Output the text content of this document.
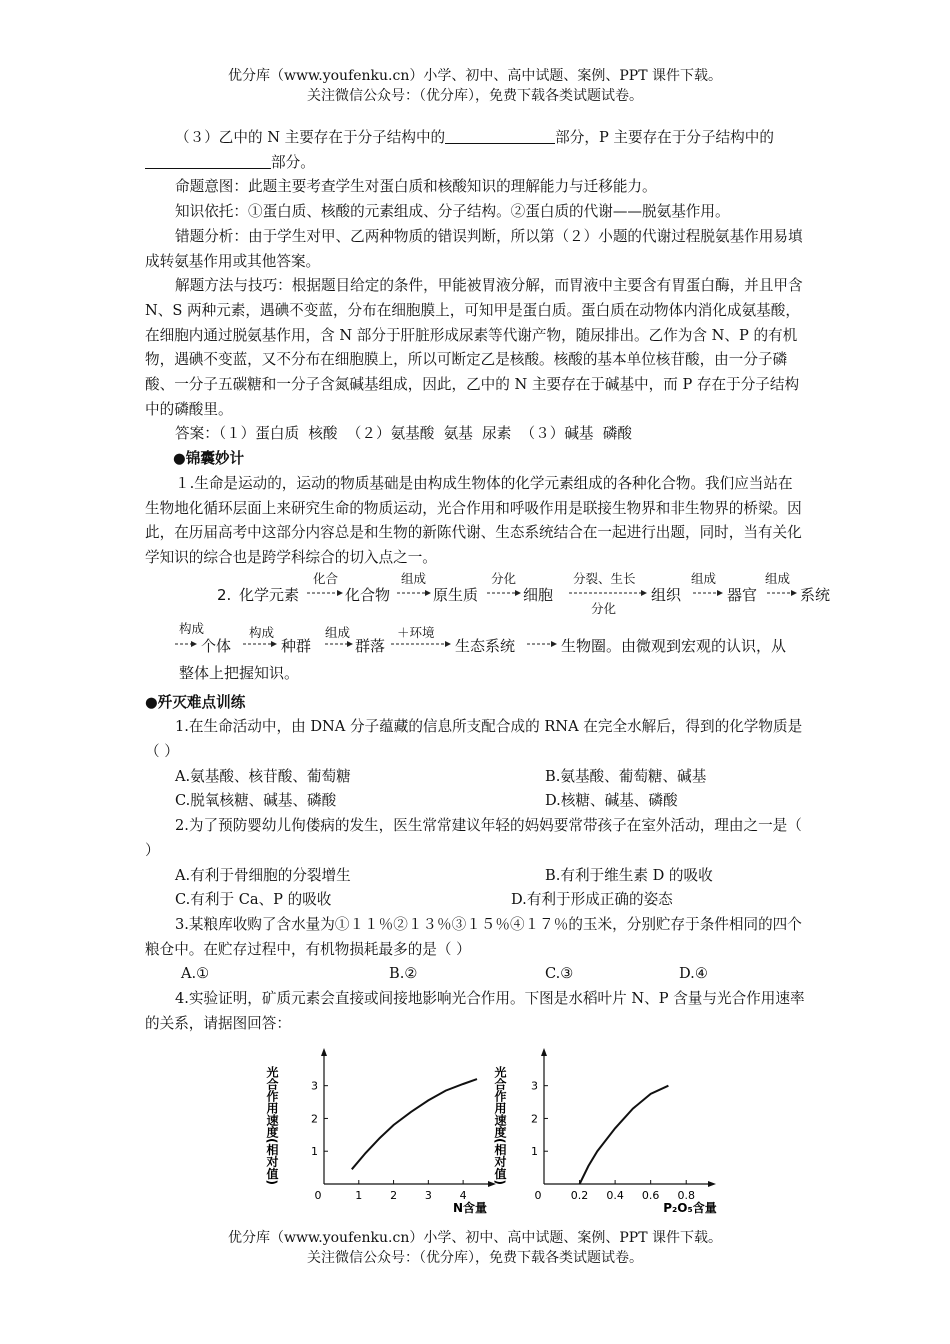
优分库（www.youfenku.cn）小学、初中、高中试题、案例、PPT 课件下载。
关注微信公众号：（优分库），免费下载各类试题试卷。

（３）乙中的 N 主要存在于分子结构中的	部分，P 主要存在于分子结构中的部分。

命题意图：此题主要考查学生对蛋白质和核酸知识的理解能力与迁移能力。

知识依托：①蛋白质、核酸的元素组成、分子结构。②蛋白质的代谢——脱氨基作用。

错题分析：由于学生对甲、乙两种物质的错误判断，所以第（２）小题的代谢过程脱氨基作用易填成转氨基作用或其他答案。

解题方法与技巧：根据题目给定的条件，甲能被胃液分解，而胃液中主要含有胃蛋白酶，并且甲含 N、S 两种元素，遇碘不变蓝，分布在细胞膜上，可知甲是蛋白质。蛋白质在动物体内消化成氨基酸，在细胞内通过脱氨基作用，含 N 部分于肝脏形成尿素等代谢产物，随尿排出。乙作为含 N、P 的有机物，遇碘不变蓝，又不分布在细胞膜上，所以可断定乙是核酸。核酸的基本单位核苷酸，由一分子磷酸、一分子五碳糖和一分子含氮碱基组成，因此，乙中的 N 主要存在于碱基中，而 P 存在于分子结构中的磷酸里。

答案：（１）蛋白质  核酸  （２）氨基酸  氨基  尿素  （３）碱基  磷酸

●锦囊妙计

１.生命是运动的，运动的物质基础是由构成生物体的化学元素组成的各种化合物。我们应当站在生物地化循环层面上来研究生命的物质运动，光合作用和呼吸作用是联接生物界和非生物界的桥梁。因此，在历届高考中这部分内容总是和生物的新陈代谢、生态系统结合在一起进行出题，同时，当有关化学知识的综合也是跨学科综合的切入点之一。

2. 化学元素
化合
化合物
组成
原生质
分化
细胞
分裂、生长
分化
组织
组成
器官
组成
系统
构成
个体
构成
种群
组成
群落
＋环境
生态系统	生物圈。由微观到宏观的认识，从
整体上把握知识。

●歼灭难点训练

1.在生命活动中，由 DNA 分子蕴藏的信息所支配合成的 RNA 在完全水解后，得到的化学物质是（ ）

A.氨基酸、核苷酸、葡萄糖	B.氨基酸、葡萄糖、碱基
C.脱氧核糖、碱基、磷酸	D.核糖、碱基、磷酸

2.为了预防婴幼儿佝偻病的发生，医生常常建议年轻的妈妈要常带孩子在室外活动，理由之一是（ ）

A.有利于骨细胞的分裂增生	B.有利于维生素 D 的吸收
C.有利于 Ca、P 的吸收	D.有利于形成正确的姿态

3.某粮库收购了含水量为①１１％②１３％③１５％④１７％的玉米，分别贮存于条件相同的四个粮仓中。在贮存过程中，有机物损耗最多的是（ ）

A.①	B.②	C.③	D.④

4.实验证明，矿质元素会直接或间接地影响光合作用。下图是水稻叶片 N、P 含量与光合作用速率的关系，请据图回答：

0	1	2	3	4
1
2
3
N含量
光合作用速度(相对值)
0	0.2 0.4 0.6 0.8
1
2
3
P₂O₅含量
光合作用速度(相对值)
优分库（www.youfenku.cn）小学、初中、高中试题、案例、PPT 课件下载。
关注微信公众号：（优分库），免费下载各类试题试卷。
